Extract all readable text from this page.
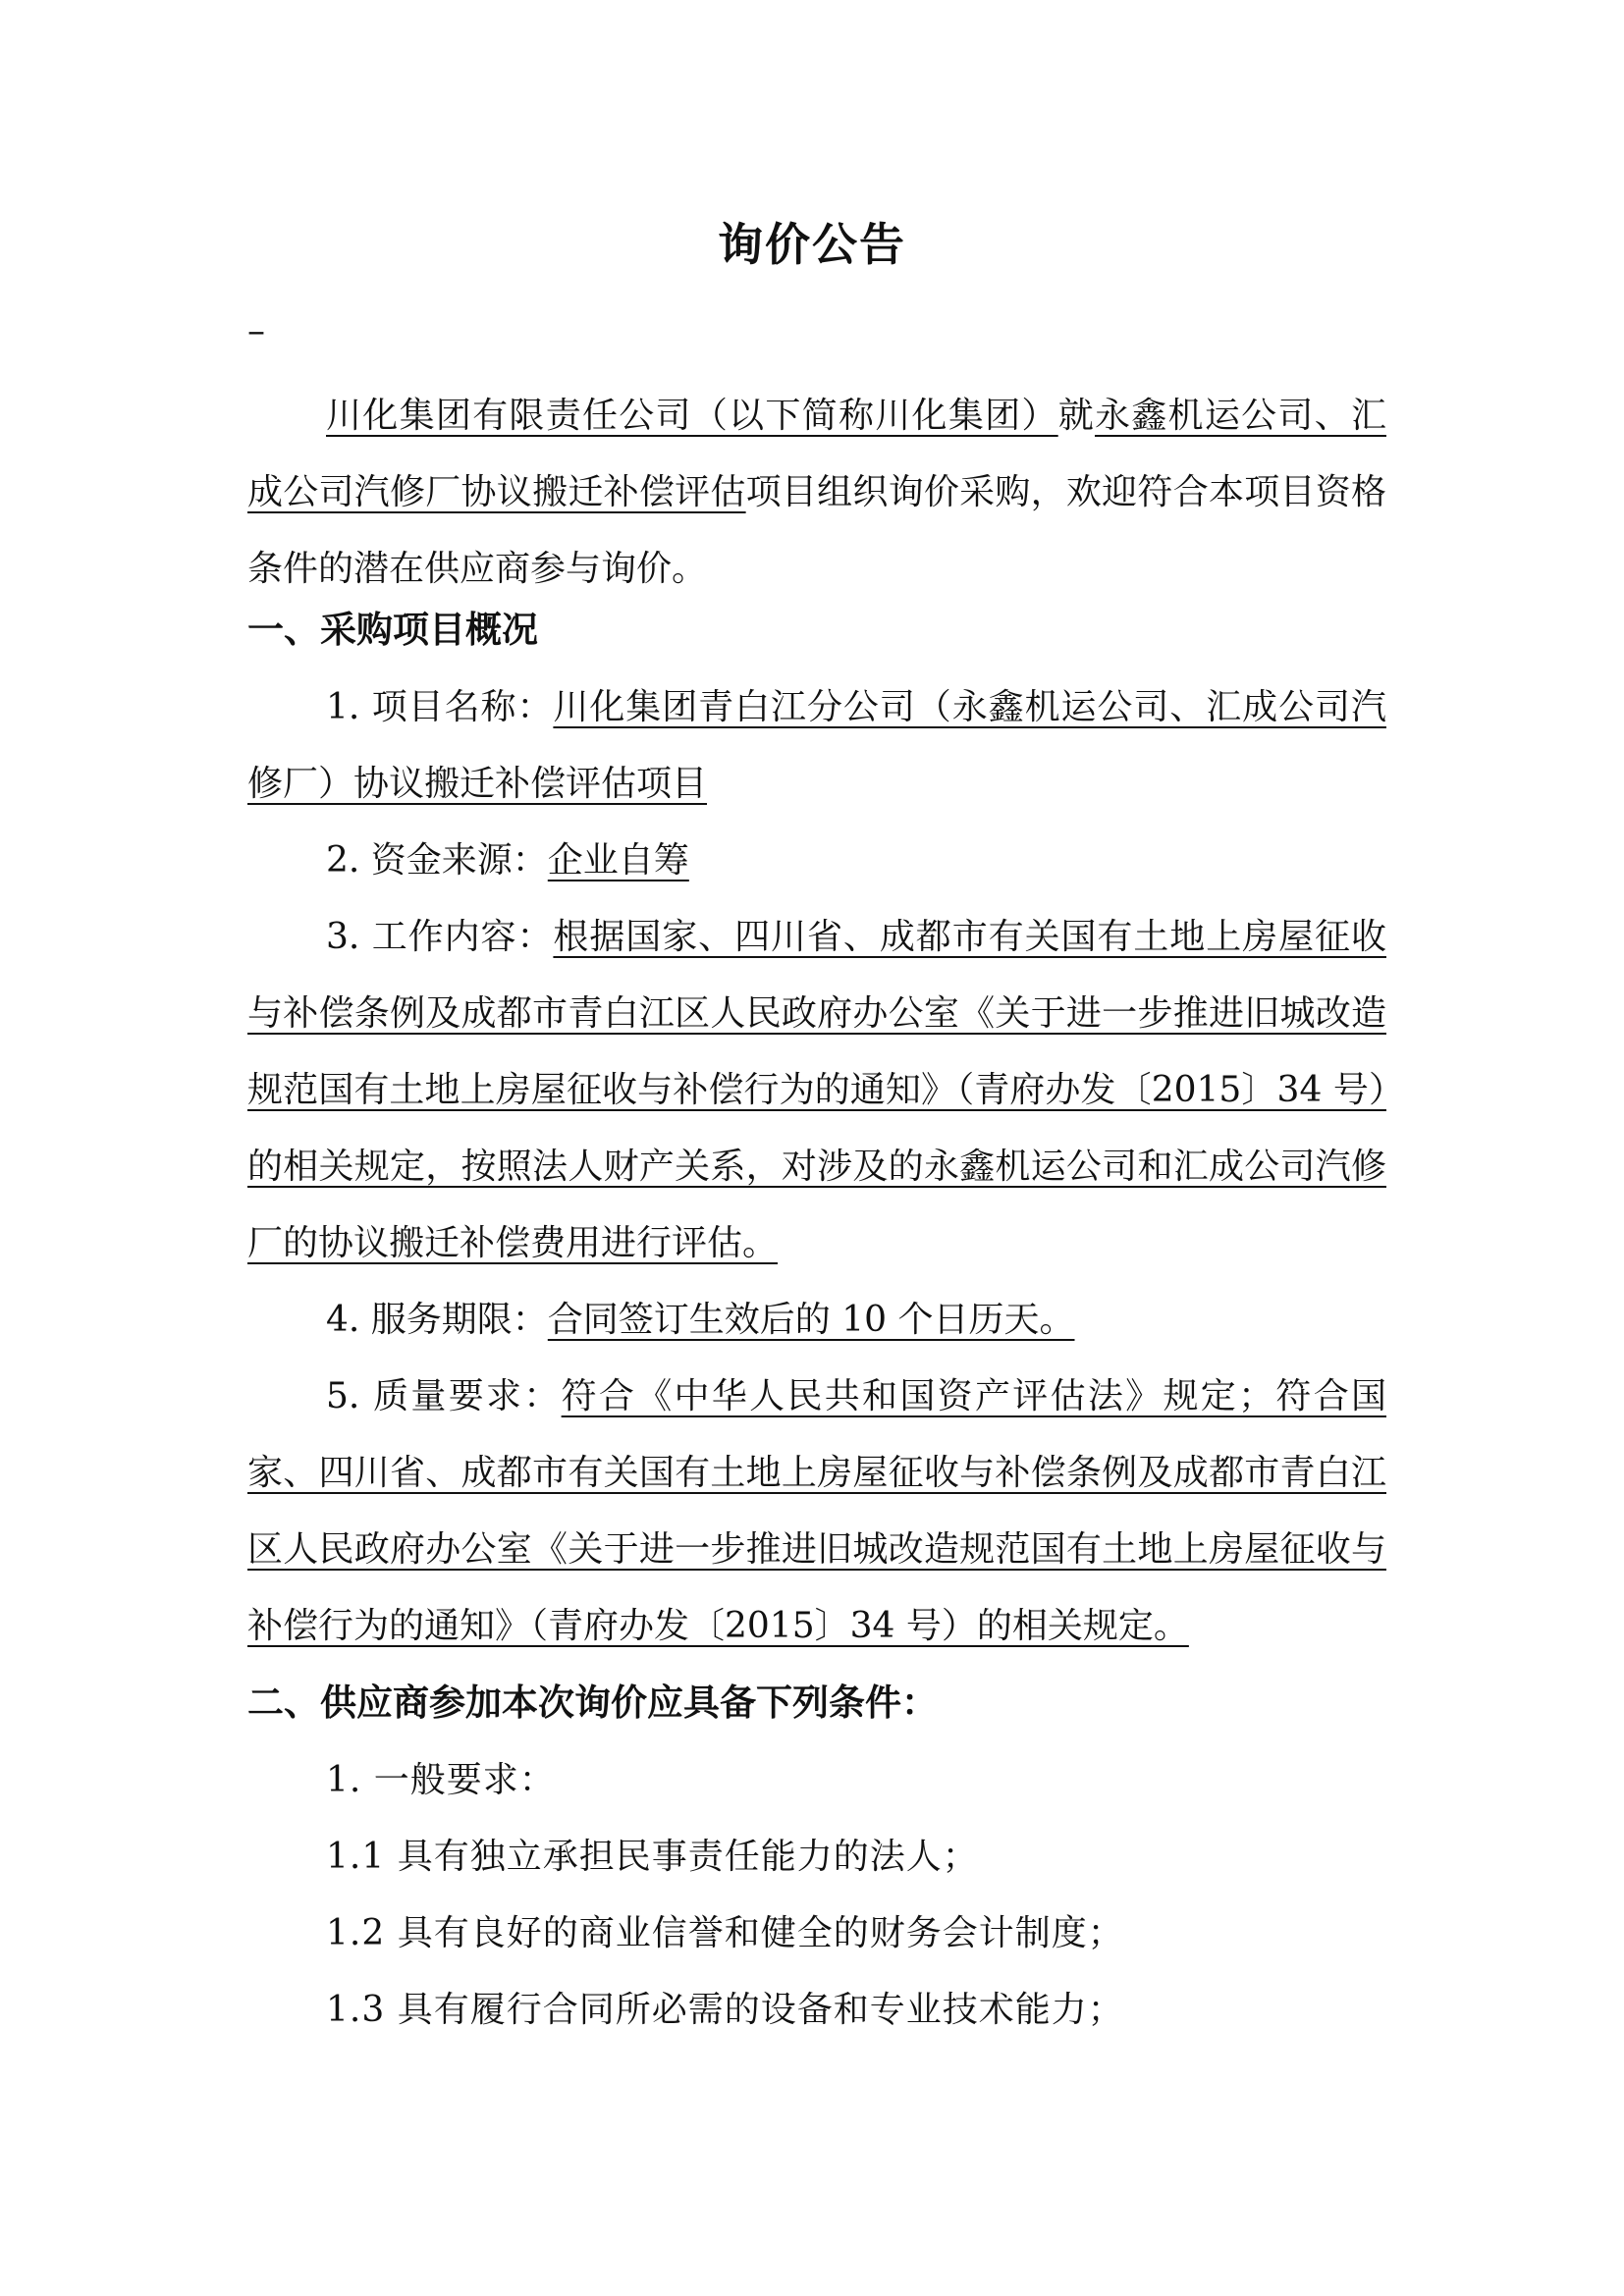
询价公告
–
川化集团有限责任公司（以下简称川化集团）就永鑫机运公司、汇成公司汽修厂协议搬迁补偿评估项目组织询价采购，欢迎符合本项目资格条件的潜在供应商参与询价。
一、采购项目概况
1. 项目名称：川化集团青白江分公司（永鑫机运公司、汇成公司汽修厂）协议搬迁补偿评估项目
2. 资金来源：企业自筹
3. 工作内容：根据国家、四川省、成都市有关国有土地上房屋征收与补偿条例及成都市青白江区人民政府办公室《关于进一步推进旧城改造规范国有土地上房屋征收与补偿行为的通知》（青府办发〔2015〕34 号）的相关规定，按照法人财产关系，对涉及的永鑫机运公司和汇成公司汽修厂的协议搬迁补偿费用进行评估。
4. 服务期限：合同签订生效后的 10 个日历天。
5. 质量要求：符合《中华人民共和国资产评估法》规定；符合国家、四川省、成都市有关国有土地上房屋征收与补偿条例及成都市青白江区人民政府办公室《关于进一步推进旧城改造规范国有土地上房屋征收与补偿行为的通知》（青府办发〔2015〕34 号）的相关规定。
二、供应商参加本次询价应具备下列条件：
1. 一般要求：
1.1 具有独立承担民事责任能力的法人；
1.2 具有良好的商业信誉和健全的财务会计制度；
1.3 具有履行合同所必需的设备和专业技术能力；
